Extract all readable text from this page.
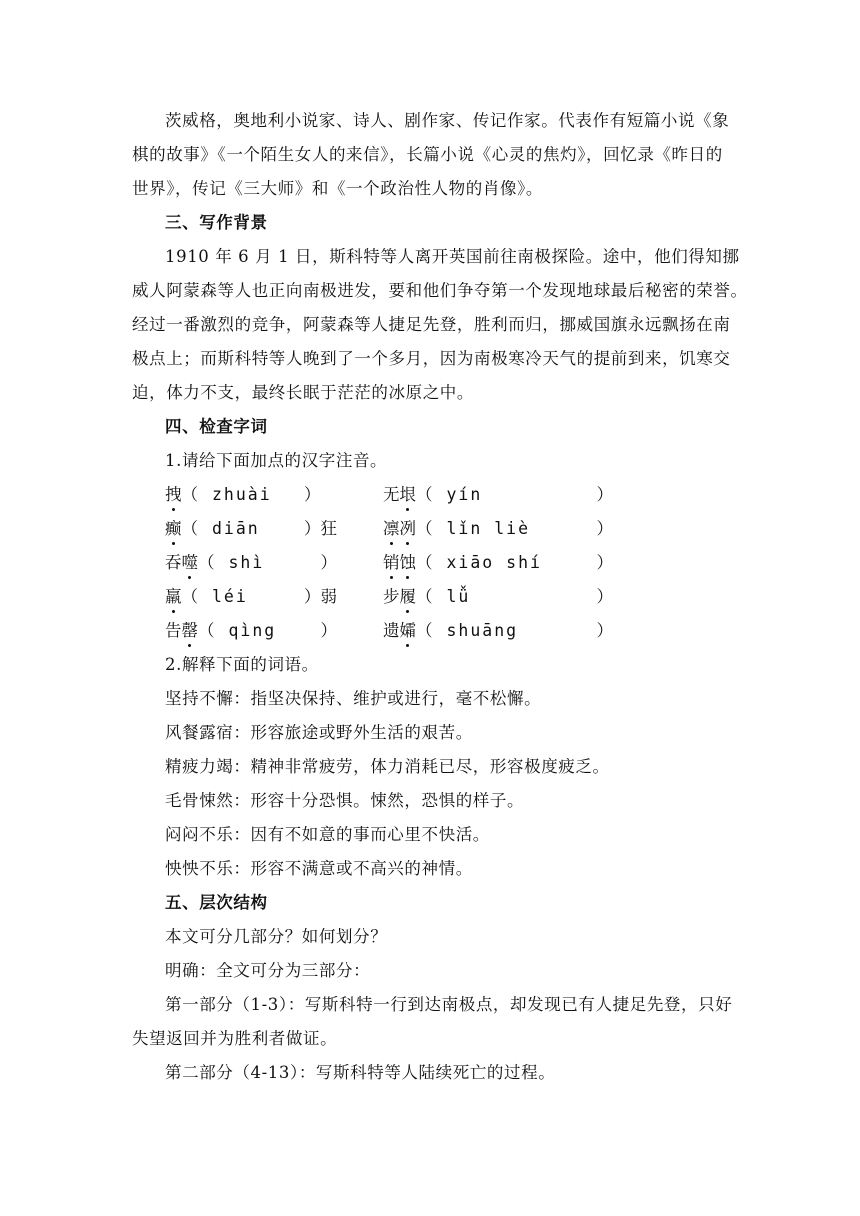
茨威格，奥地利小说家、诗人、剧作家、传记作家。代表作有短篇小说《象
棋的故事》《一个陌生女人的来信》，长篇小说《心灵的焦灼》，回忆录《昨日的
世界》，传记《三大师》和《一个政治性人物的肖像》。
三、写作背景
1910 年 6 月 1 日，斯科特等人离开英国前往南极探险。途中，他们得知挪
威人阿蒙森等人也正向南极进发，要和他们争夺第一个发现地球最后秘密的荣誉。
经过一番激烈的竞争，阿蒙森等人捷足先登，胜利而归，挪威国旗永远飘扬在南
极点上；而斯科特等人晚到了一个多月，因为南极寒冷天气的提前到来，饥寒交
迫，体力不支，最终长眠于茫茫的冰原之中。
四、检查字词
1.请给下面加点的汉字注音。
拽（ zhuài ）	无垠（ yín	）
癫（ diān	）狂	凛冽（ lǐn liè	）
吞噬（ shì	）	销蚀（ xiāo shí	）
羸（ léi	）弱	步履（ lǚ	）
告罄（ qìng	）	遗孀（ shuāng	）
2.解释下面的词语。
坚持不懈：指坚决保持、维护或进行，毫不松懈。
风餐露宿：形容旅途或野外生活的艰苦。
精疲力竭：精神非常疲劳，体力消耗已尽，形容极度疲乏。
毛骨悚然：形容十分恐惧。悚然，恐惧的样子。
闷闷不乐：因有不如意的事而心里不快活。
怏怏不乐：形容不满意或不高兴的神情。
五、层次结构
本文可分几部分？如何划分？
明确：全文可分为三部分：
第一部分（1-3）：写斯科特一行到达南极点，却发现已有人捷足先登，只好
失望返回并为胜利者做证。
第二部分（4-13）：写斯科特等人陆续死亡的过程。
